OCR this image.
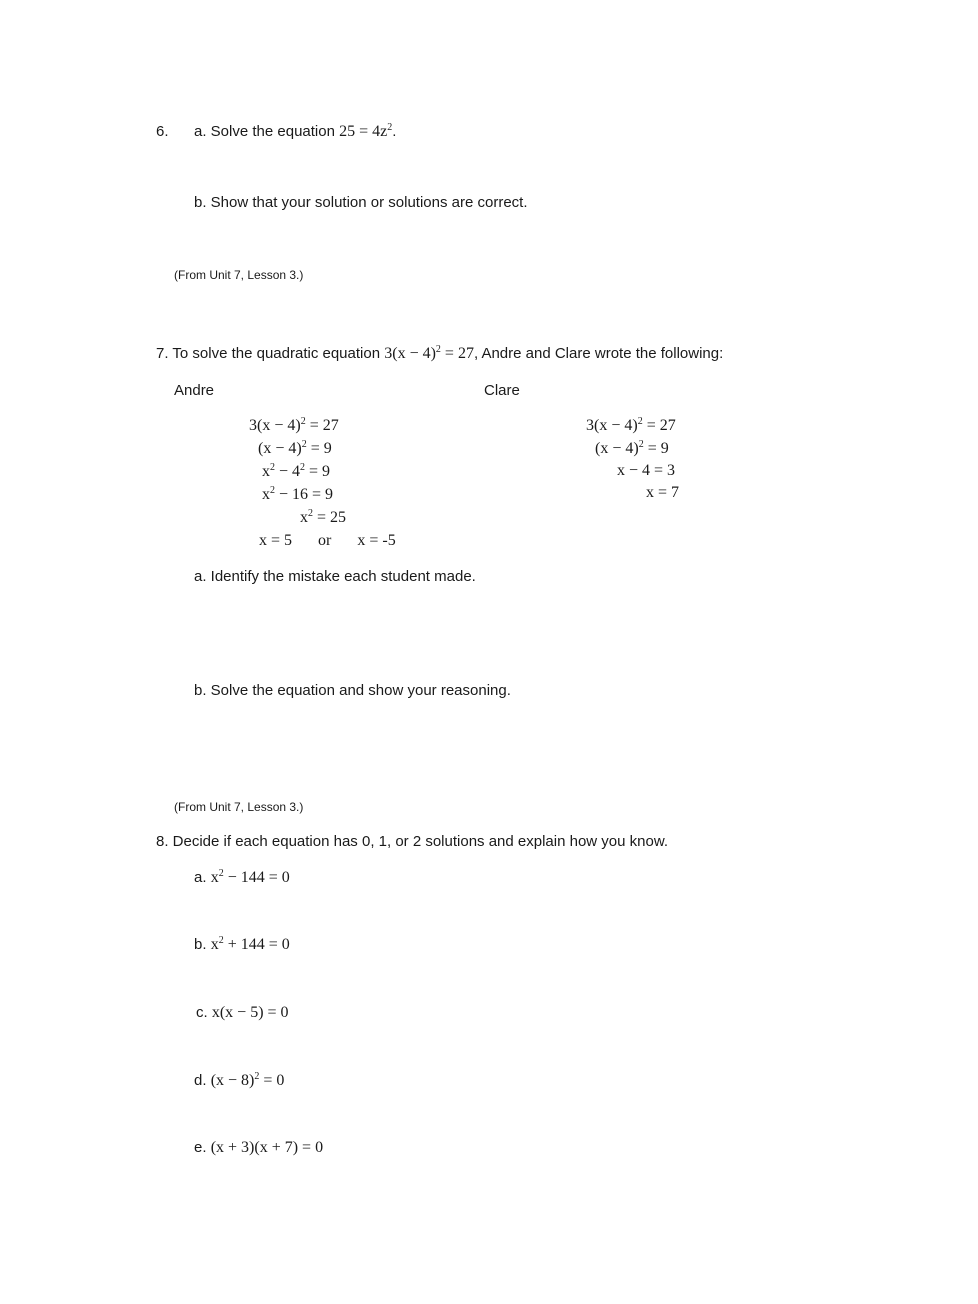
6. a. Solve the equation $25 = 4z^2$.
b. Show that your solution or solutions are correct.
(From Unit 7, Lesson 3.)
7. To solve the quadratic equation $3(x - 4)^2 = 27$, Andre and Clare wrote the following:
Andre	Clare
$3(x - 4)^2 = 27$
$(x - 4)^2 = 9$
$x^2 - 4^2 = 9$
$x^2 - 16 = 9$
$x^2 = 25$
x = 5 or x = -5
$3(x - 4)^2 = 27$
$(x - 4)^2 = 9$
x − 4 = 3
x = 7
a. Identify the mistake each student made.
b. Solve the equation and show your reasoning.
(From Unit 7, Lesson 3.)
8. Decide if each equation has 0, 1, or 2 solutions and explain how you know.
a. $x^2 - 144 = 0$
b. $x^2 + 144 = 0$
c. x(x − 5) = 0
d. $(x - 8)^2 = 0$
e. (x + 3)(x + 7) = 0
